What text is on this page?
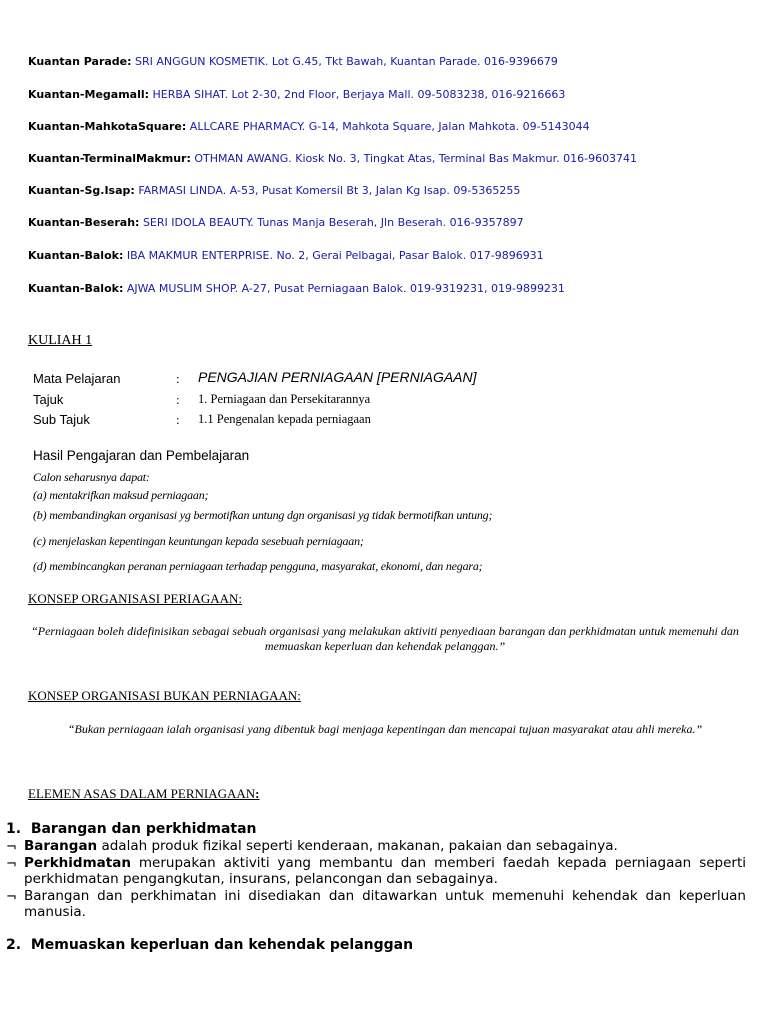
Kuantan Parade: SRI ANGGUN KOSMETIK. Lot G.45, Tkt Bawah, Kuantan Parade. 016-9396679
Kuantan-Megamall: HERBA SIHAT. Lot 2-30, 2nd Floor, Berjaya Mall. 09-5083238, 016-9216663
Kuantan-MahkotaSquare: ALLCARE PHARMACY. G-14, Mahkota Square, Jalan Mahkota. 09-5143044
Kuantan-TerminalMakmur: OTHMAN AWANG. Kiosk No. 3, Tingkat Atas, Terminal Bas Makmur. 016-9603741
Kuantan-Sg.Isap: FARMASI LINDA. A-53, Pusat Komersil Bt 3, Jalan Kg Isap. 09-5365255
Kuantan-Beserah: SERI IDOLA BEAUTY. Tunas Manja Beserah, Jln Beserah. 016-9357897
Kuantan-Balok: IBA MAKMUR ENTERPRISE. No. 2, Gerai Pelbagai, Pasar Balok. 017-9896931
Kuantan-Balok: AJWA MUSLIM SHOP. A-27, Pusat Perniagaan Balok. 019-9319231, 019-9899231
KULIAH 1
Mata Pelajaran	: PENGAJIAN PERNIAGAAN [PERNIAGAAN]
Tajuk	: 1. Perniagaan dan Persekitarannya
Sub Tajuk	: 1.1 Pengenalan kepada perniagaan
Hasil Pengajaran dan Pembelajaran
Calon seharusnya dapat:
(a) mentakrifkan maksud perniagaan;
(b) membandingkan organisasi yg bermotifkan untung dgn organisasi yg tidak bermotifkan untung;
(c) menjelaskan kepentingan keuntungan kepada sesebuah perniagaan;
(d) membincangkan peranan perniagaan terhadap pengguna, masyarakat, ekonomi, dan negara;
KONSEP ORGANISASI PERIAGAAN:
“Perniagaan boleh didefinisikan sebagai sebuah organisasi yang melakukan aktiviti penyediaan barangan dan perkhidmatan untuk memenuhi dan memuaskan keperluan dan kehendak pelanggan.”
KONSEP ORGANISASI BUKAN PERNIAGAAN:
“Bukan perniagaan ialah organisasi yang dibentuk bagi menjaga kepentingan dan mencapai tujuan masyarakat atau ahli mereka.”
ELEMEN ASAS DALAM PERNIAGAAN:
1. Barangan dan perkhidmatan
¬ Barangan adalah produk fizikal seperti kenderaan, makanan, pakaian dan sebagainya.
¬ Perkhidmatan merupakan aktiviti yang membantu dan memberi faedah kepada perniagaan seperti perkhidmatan pengangkutan, insurans, pelancongan dan sebagainya.
¬ Barangan dan perkhimatan ini disediakan dan ditawarkan untuk memenuhi kehendak dan keperluan manusia.
2. Memuaskan keperluan dan kehendak pelanggan
